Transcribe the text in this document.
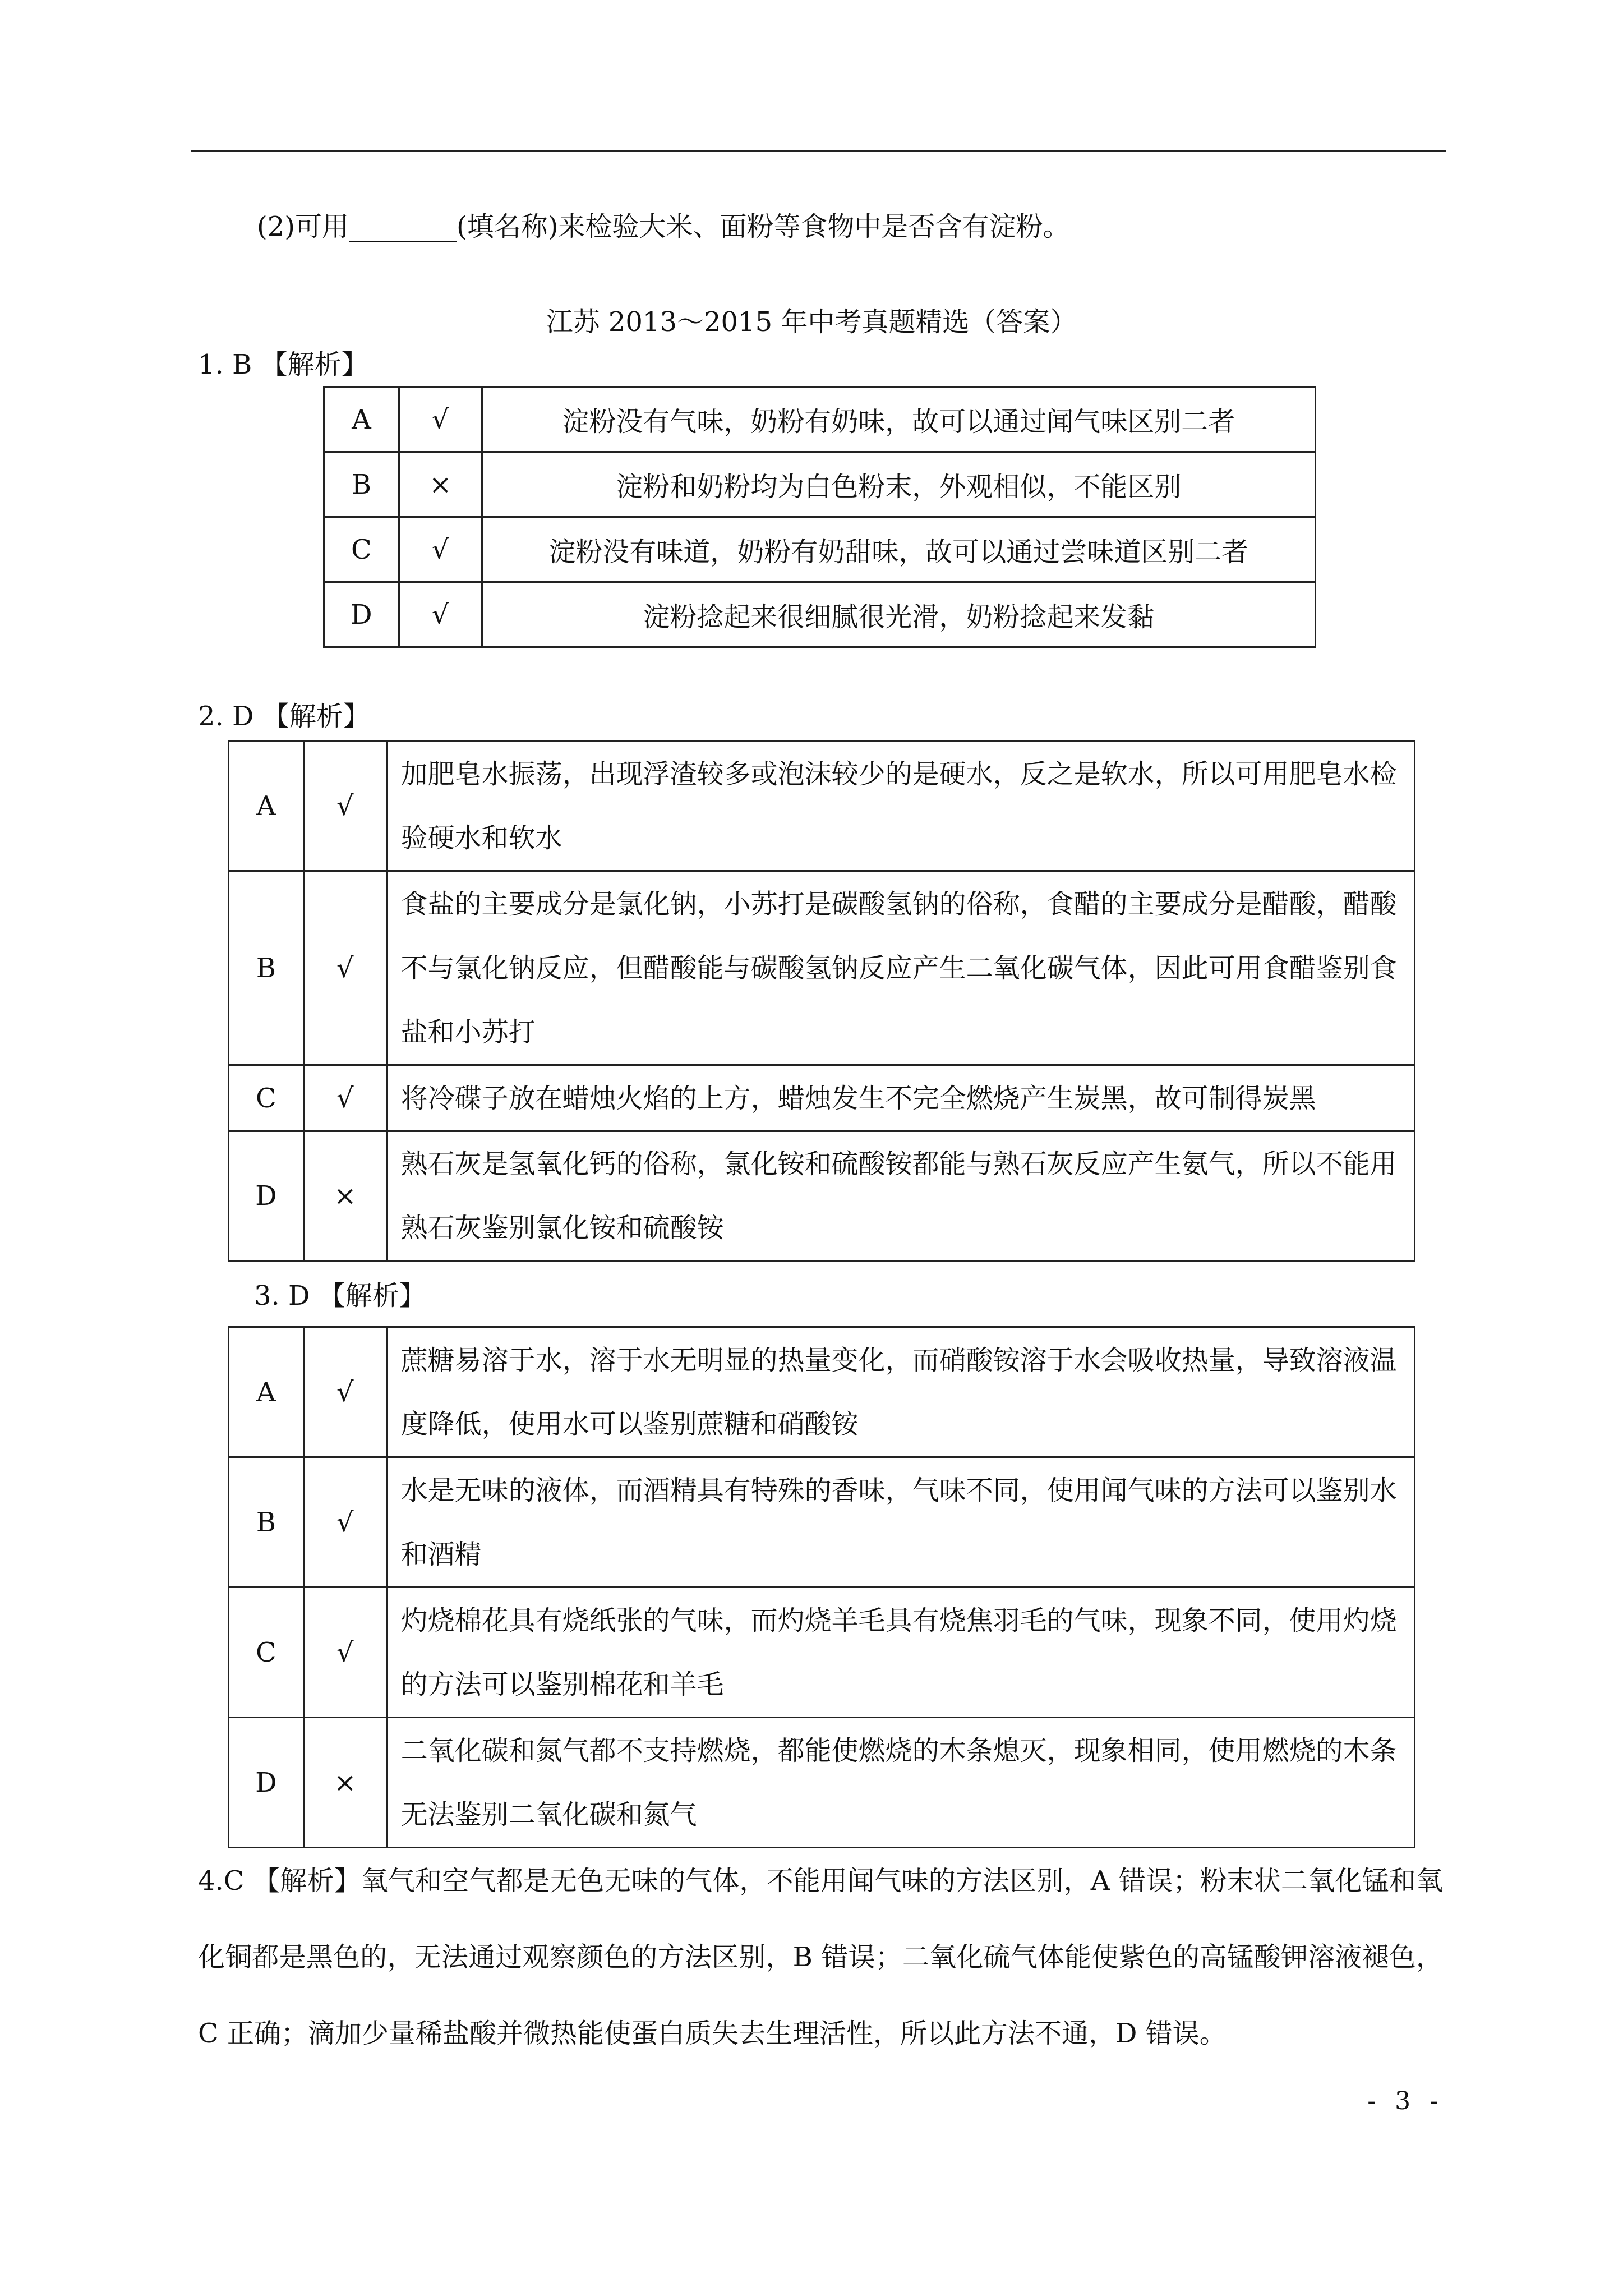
(2)可用________(填名称)来检验大米、面粉等食物中是否含有淀粉。
江苏 2013～2015 年中考真题精选（答案）
1. B 【解析】
A	√	淀粉没有气味，奶粉有奶味，故可以通过闻气味区别二者
B	×	淀粉和奶粉均为白色粉末，外观相似，不能区别
C	√	淀粉没有味道，奶粉有奶甜味，故可以通过尝味道区别二者
D	√	淀粉捻起来很细腻很光滑，奶粉捻起来发黏
2. D 【解析】
A	√	加肥皂水振荡，出现浮渣较多或泡沫较少的是硬水，反之是软水，所以可用肥皂水检验硬水和软水
B	√	食盐的主要成分是氯化钠，小苏打是碳酸氢钠的俗称，食醋的主要成分是醋酸，醋酸不与氯化钠反应，但醋酸能与碳酸氢钠反应产生二氧化碳气体，因此可用食醋鉴别食盐和小苏打
C	√	将冷碟子放在蜡烛火焰的上方，蜡烛发生不完全燃烧产生炭黑，故可制得炭黑
D	×	熟石灰是氢氧化钙的俗称，氯化铵和硫酸铵都能与熟石灰反应产生氨气，所以不能用熟石灰鉴别氯化铵和硫酸铵
3. D 【解析】
A	√	蔗糖易溶于水，溶于水无明显的热量变化，而硝酸铵溶于水会吸收热量，导致溶液温度降低，使用水可以鉴别蔗糖和硝酸铵
B	√	水是无味的液体，而酒精具有特殊的香味，气味不同，使用闻气味的方法可以鉴别水和酒精
C	√	灼烧棉花具有烧纸张的气味，而灼烧羊毛具有烧焦羽毛的气味，现象不同，使用灼烧的方法可以鉴别棉花和羊毛
D	×	二氧化碳和氮气都不支持燃烧，都能使燃烧的木条熄灭，现象相同，使用燃烧的木条无法鉴别二氧化碳和氮气
4.C 【解析】氧气和空气都是无色无味的气体，不能用闻气味的方法区别，A 错误；粉末状二氧化锰和氧化铜都是黑色的，无法通过观察颜色的方法区别，B 错误；二氧化硫气体能使紫色的高锰酸钾溶液褪色，C 正确；滴加少量稀盐酸并微热能使蛋白质失去生理活性，所以此方法不通，D 错误。
- 3 -
